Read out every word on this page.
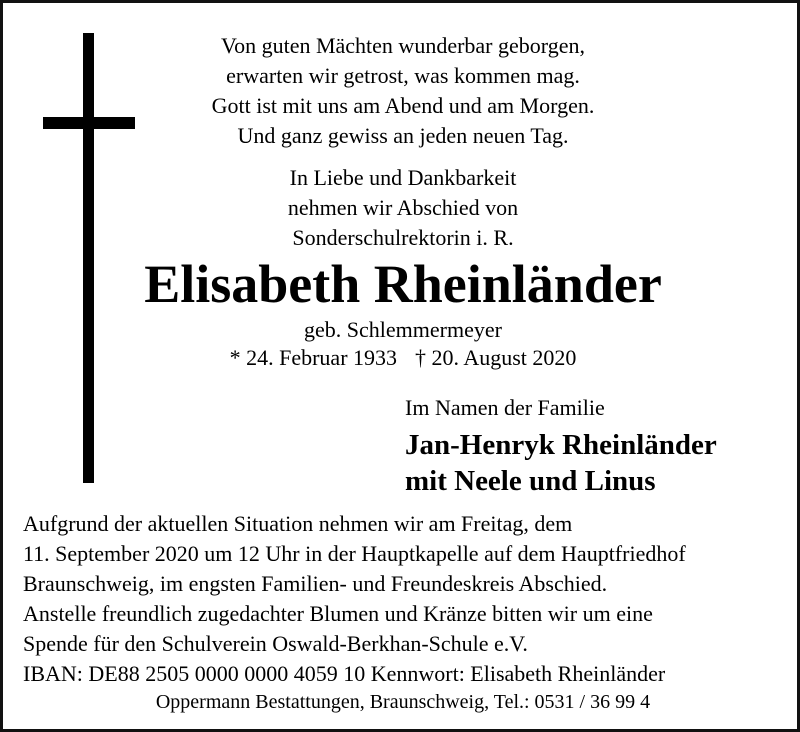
Von guten Mächten wunderbar geborgen,
erwarten wir getrost, was kommen mag.
Gott ist mit uns am Abend und am Morgen.
Und ganz gewiss an jeden neuen Tag.
In Liebe und Dankbarkeit
nehmen wir Abschied von
Sonderschulrektorin i. R.
Elisabeth Rheinländer
geb. Schlemmermeyer
* 24. Februar 1933 † 20. August 2020
Im Namen der Familie
Jan-Henryk Rheinländer
mit Neele und Linus
Aufgrund der aktuellen Situation nehmen wir am Freitag, dem
11. September 2020 um 12 Uhr in der Hauptkapelle auf dem Hauptfriedhof
Braunschweig, im engsten Familien- und Freundeskreis Abschied.
Anstelle freundlich zugedachter Blumen und Kränze bitten wir um eine
Spende für den Schulverein Oswald-Berkhan-Schule e.V.
IBAN: DE88 2505 0000 0000 4059 10 Kennwort: Elisabeth Rheinländer
Oppermann Bestattungen, Braunschweig, Tel.: 0531 / 36 99 4
